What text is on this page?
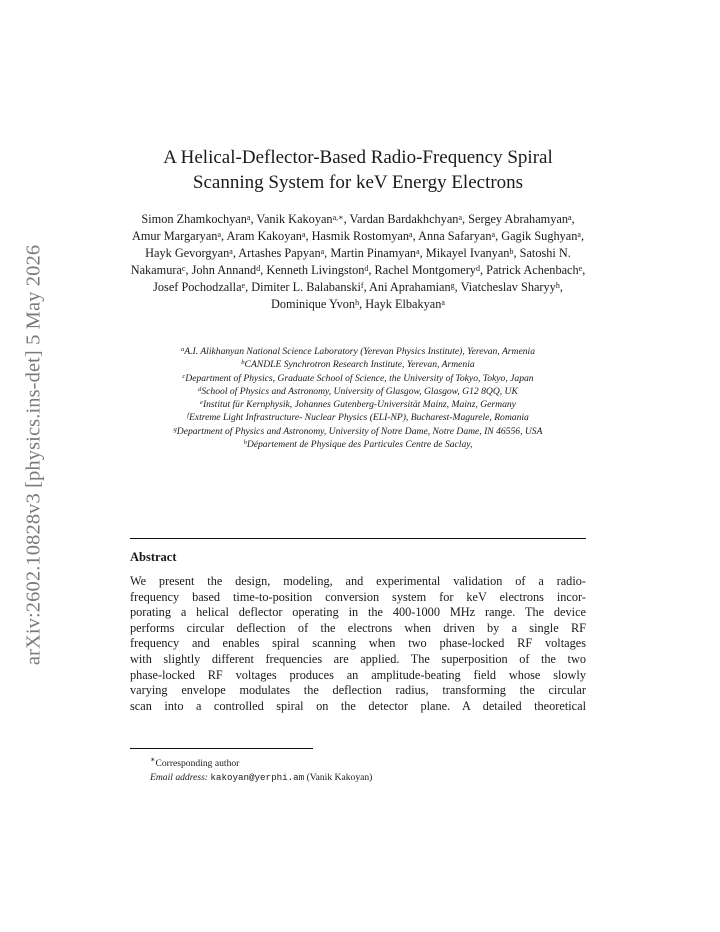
arXiv:2602.10828v3 [physics.ins-det] 5 May 2026
A Helical-Deflector-Based Radio-Frequency Spiral
Scanning System for keV Energy Electrons
Simon Zhamkochyan$^a$, Vanik Kakoyan$^{a,∗}$, Vardan Bardakhchyan$^a$, Sergey Abrahamyan$^a$, Amur Margaryan$^a$, Aram Kakoyan$^a$, Hasmik Rostomyan$^a$, Anna Safaryan$^a$, Gagik Sughyan$^a$, Hayk Gevorgyan$^a$, Artashes Papyan$^a$, Martin Pinamyan$^a$, Mikayel Ivanyan$^b$, Satoshi N. Nakamura$^c$, John Annand$^d$, Kenneth Livingston$^d$, Rachel Montgomery$^d$, Patrick Achenbach$^e$, Josef Pochodzalla$^e$, Dimiter L. Balabanski$^f$, Ani Aprahamian$^g$, Viatcheslav Sharyy$^h$, Dominique Yvon$^h$, Hayk Elbakyan$^a$
$^a$A.I. Alikhanyan National Science Laboratory (Yerevan Physics Institute), Yerevan, Armenia
$^b$CANDLE Synchrotron Research Institute, Yerevan, Armenia
$^c$Department of Physics, Graduate School of Science, the University of Tokyo, Tokyo, Japan
$^d$School of Physics and Astronomy, University of Glasgow, Glasgow, G12 8QQ, UK
$^e$Institut für Kernphysik, Johannes Gutenberg-Universität Mainz, Mainz, Germany
$^f$Extreme Light Infrastructure- Nuclear Physics (ELI-NP), Bucharest-Magurele, Romania
$^g$Department of Physics and Astronomy, University of Notre Dame, Notre Dame, IN 46556, USA
$^h$Département de Physique des Particules Centre de Saclay,
Abstract
We present the design, modeling, and experimental validation of a radio-
frequency based time-to-position conversion system for keV electrons incor-
porating a helical deflector operating in the 400-1000 MHz range. The device
performs circular deflection of the electrons when driven by a single RF
frequency and enables spiral scanning when two phase-locked RF voltages
with slightly different frequencies are applied. The superposition of the two
phase-locked RF voltages produces an amplitude-beating field whose slowly
varying envelope modulates the deflection radius, transforming the circular
scan into a controlled spiral on the detector plane. A detailed theoretical
∗Corresponding author
Email address: kakoyan@yerphi.am (Vanik Kakoyan)
